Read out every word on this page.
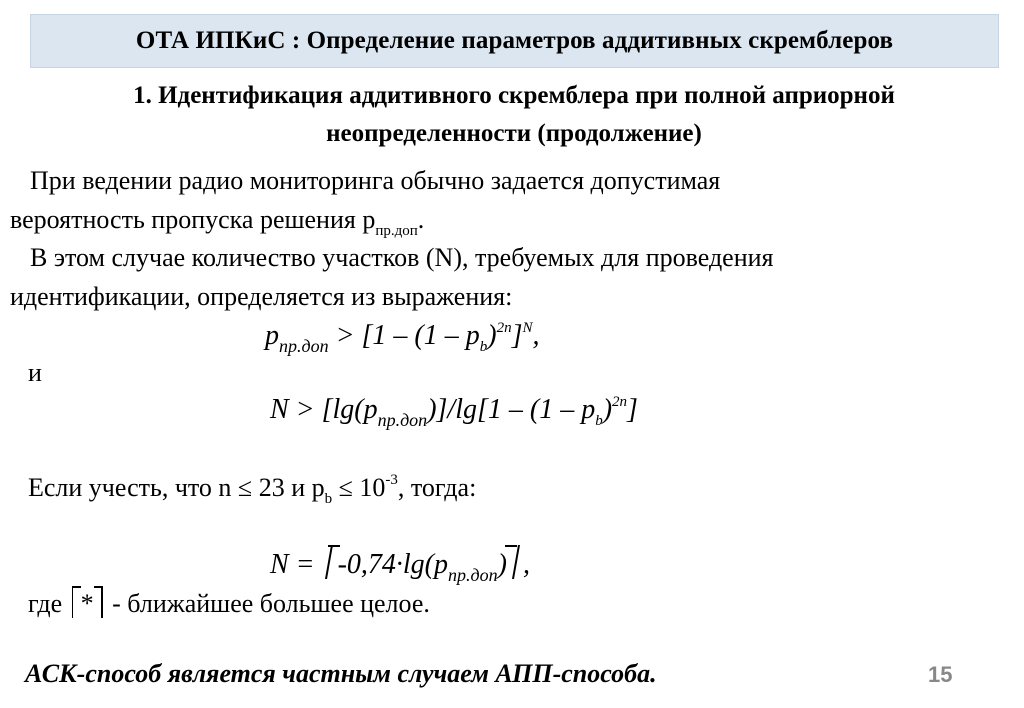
ОТА ИПКиС : Определение параметров аддитивных скремблеров
1. Идентификация аддитивного скремблера при полной априорной
неопределенности (продолжение)
При ведении радио мониторинга обычно задается допустимая
вероятность пропуска решения $p_{пр.доп}$.
В этом случае количество участков (N), требуемых для проведения
идентификации, определяется из выражения:
$p_{пр.доп} > [1 - (1 - p_b)^{2n}]^N$,
и
$N > [\lg(p_{пр.доп})]/\lg[1 - (1 - p_b)^{2n}]$
Если учесть, что n ≤ 23 и $p_b \le 10^{-3}$, тогда:
$N = -0,74\cdot\lg(p_{пр.доп})$ ,
где * - ближайшее большее целое.
АСК-способ является частным случаем АПП-способа.	15
